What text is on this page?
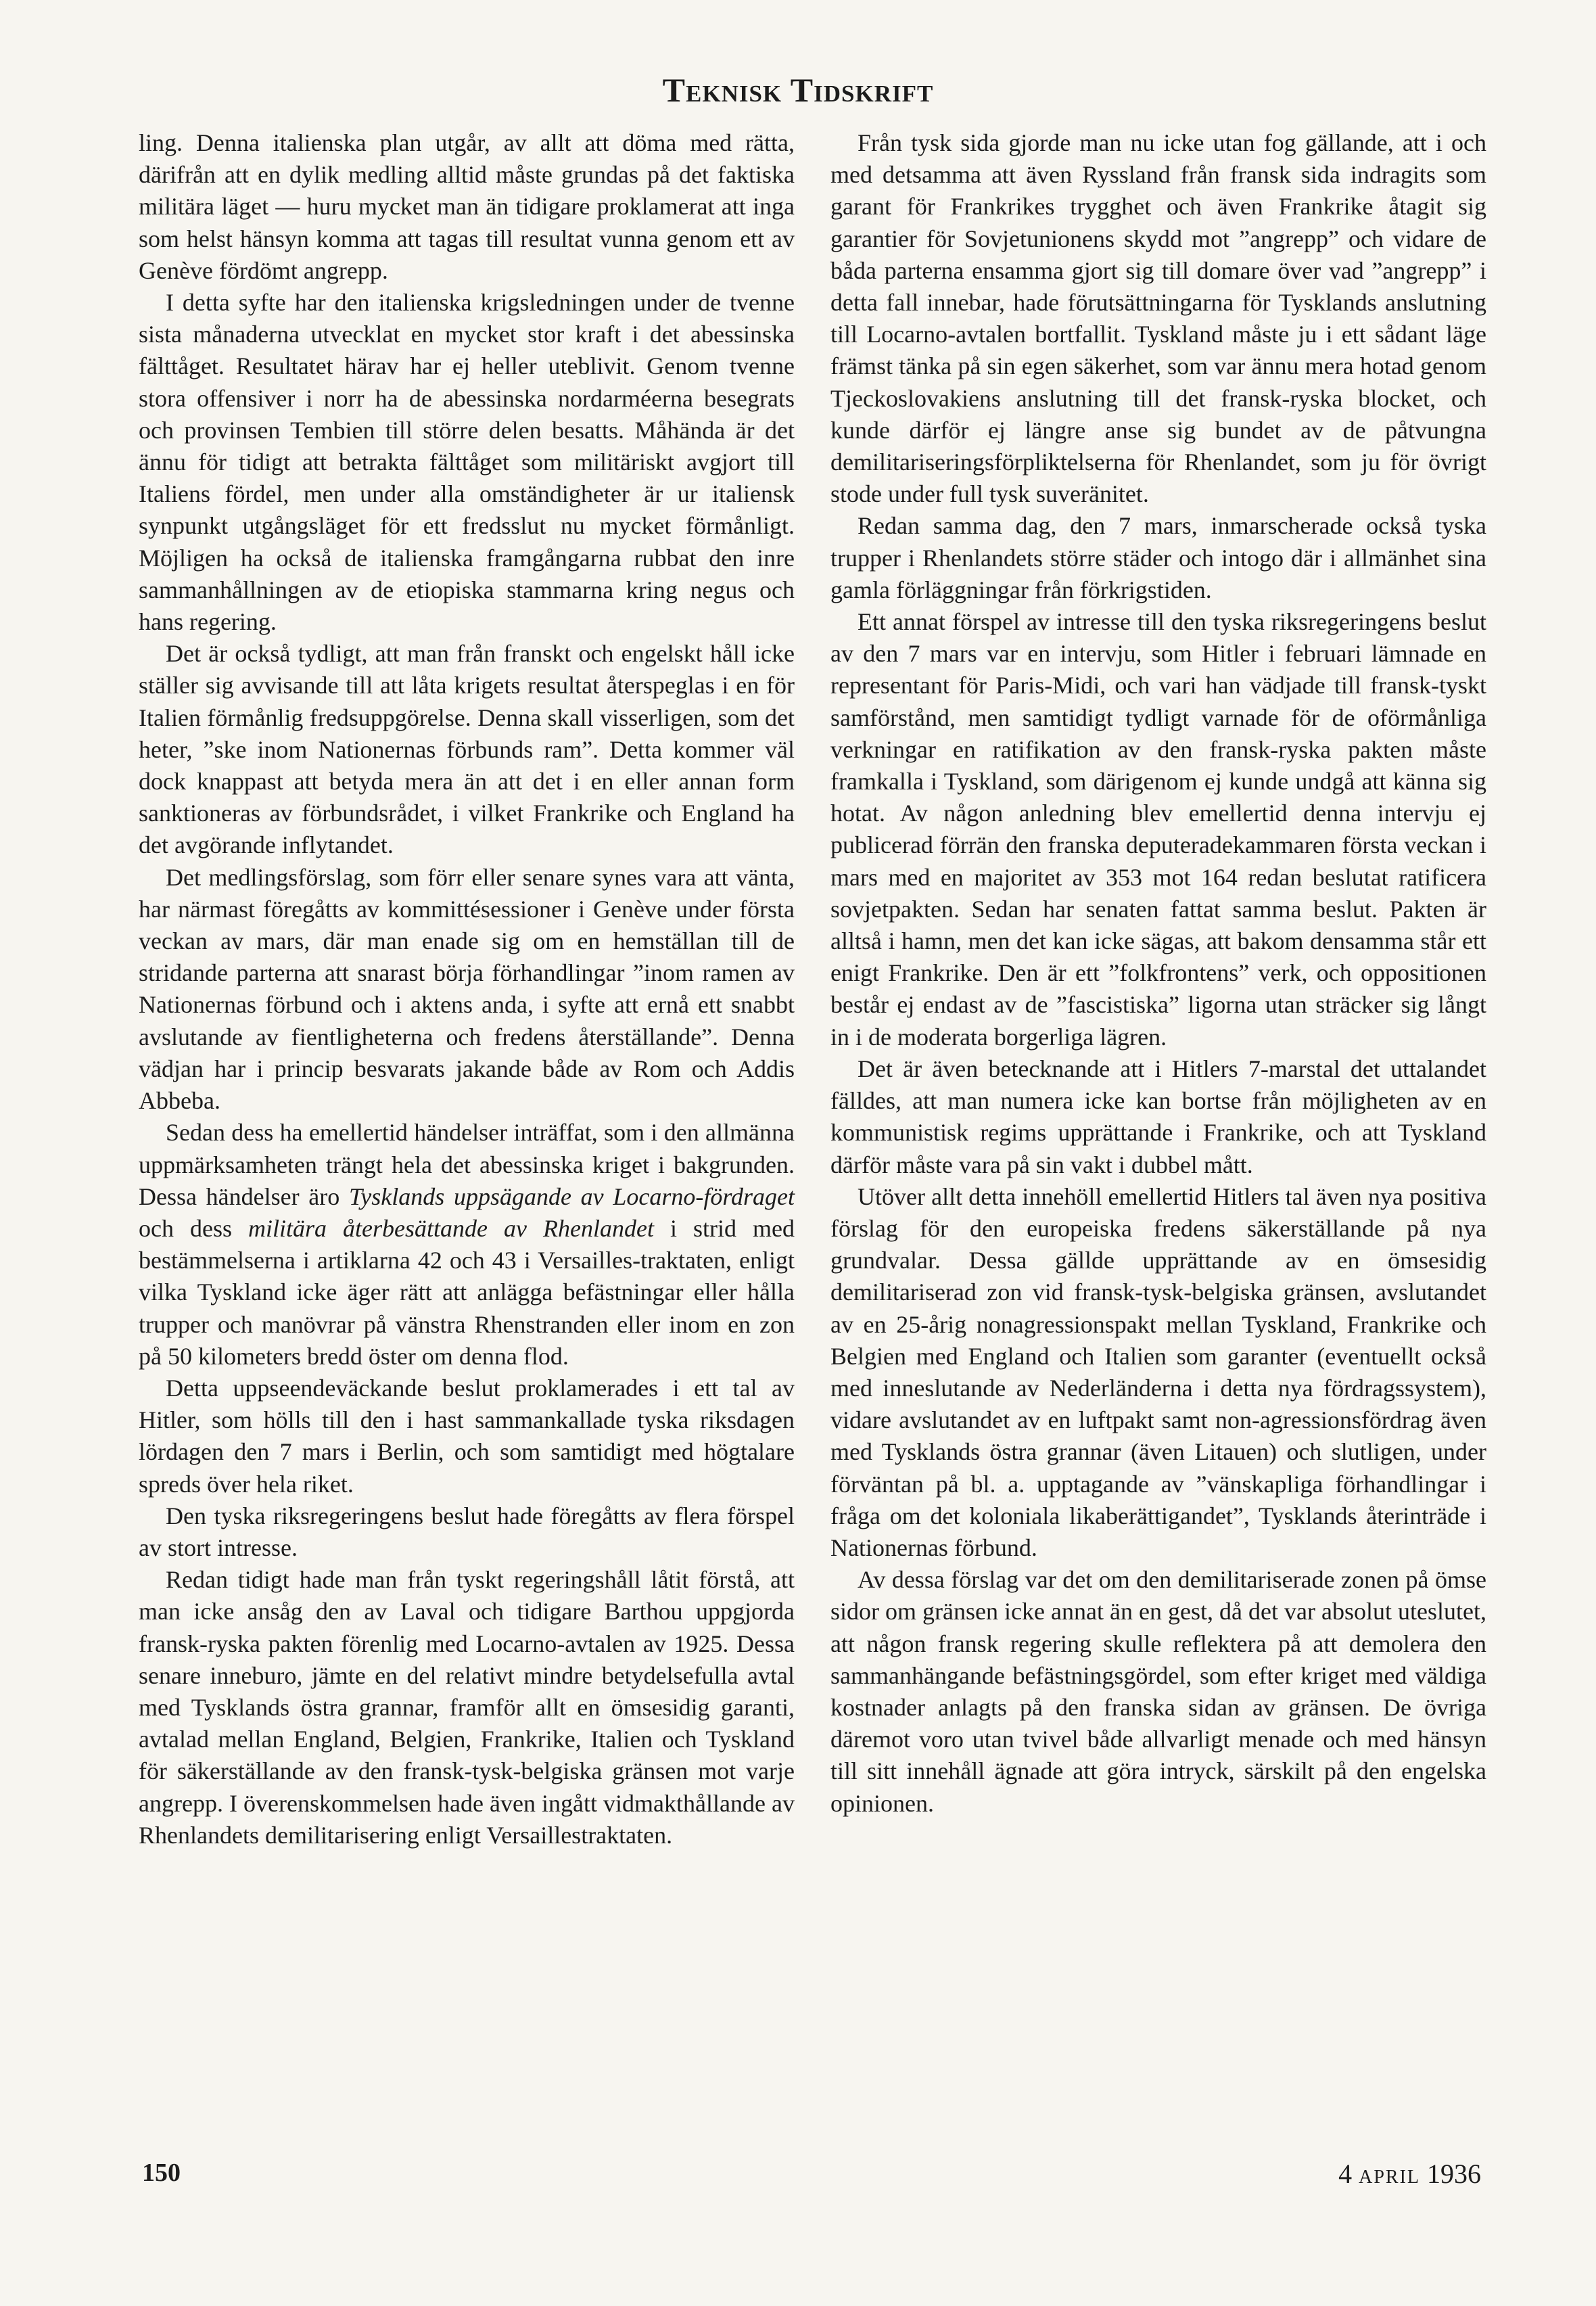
Teknisk Tidskrift

ling. Denna italienska plan utgår, av allt att döma med rätta, därifrån att en dylik medling alltid måste grundas på det faktiska militära läget — huru mycket man än tidigare proklamerat att inga som helst hänsyn komma att tagas till resultat vunna genom ett av Genève fördömt angrepp.

I detta syfte har den italienska krigsledningen under de tvenne sista månaderna utvecklat en mycket stor kraft i det abessinska fälttåget. Resultatet härav har ej heller uteblivit. Genom tvenne stora offensiver i norr ha de abessinska nordarméerna besegrats och provinsen Tembien till större delen besatts. Måhända är det ännu för tidigt att betrakta fälttåget som militäriskt avgjort till Italiens fördel, men under alla omständigheter är ur italiensk synpunkt utgångsläget för ett fredsslut nu mycket förmånligt. Möjligen ha också de italienska framgångarna rubbat den inre sammanhållningen av de etiopiska stammarna kring negus och hans regering.

Det är också tydligt, att man från franskt och engelskt håll icke ställer sig avvisande till att låta krigets resultat återspeglas i en för Italien förmånlig fredsuppgörelse. Denna skall visserligen, som det heter, ”ske inom Nationernas förbunds ram”. Detta kommer väl dock knappast att betyda mera än att det i en eller annan form sanktioneras av förbundsrådet, i vilket Frankrike och England ha det avgörande inflytandet.

Det medlingsförslag, som förr eller senare synes vara att vänta, har närmast föregåtts av kommittésessioner i Genève under första veckan av mars, där man enade sig om en hemställan till de stridande parterna att snarast börja förhandlingar ”inom ramen av Nationernas förbund och i aktens anda, i syfte att ernå ett snabbt avslutande av fientligheterna och fredens återställande”. Denna vädjan har i princip besvarats jakande både av Rom och Addis Abbeba.

Sedan dess ha emellertid händelser inträffat, som i den allmänna uppmärksamheten trängt hela det abessinska kriget i bakgrunden. Dessa händelser äro Tysklands uppsägande av Locarno-fördraget och dess militära återbesättande av Rhenlandet i strid med bestämmelserna i artiklarna 42 och 43 i Versailles-traktaten, enligt vilka Tyskland icke äger rätt att anlägga befästningar eller hålla trupper och manövrar på vänstra Rhenstranden eller inom en zon på 50 kilometers bredd öster om denna flod.

Detta uppseendeväckande beslut proklamerades i ett tal av Hitler, som hölls till den i hast sammankallade tyska riksdagen lördagen den 7 mars i Berlin, och som samtidigt med högtalare spreds över hela riket.

Den tyska riksregeringens beslut hade föregåtts av flera förspel av stort intresse.

Redan tidigt hade man från tyskt regeringshåll låtit förstå, att man icke ansåg den av Laval och tidigare Barthou uppgjorda fransk-ryska pakten förenlig med Locarno-avtalen av 1925. Dessa senare inneburo, jämte en del relativt mindre betydelsefulla avtal med Tysklands östra grannar, framför allt en ömsesidig garanti, avtalad mellan England, Belgien, Frankrike, Italien och Tyskland för säkerställande av den fransk-tysk-belgiska gränsen mot varje angrepp. I överenskommelsen hade även ingått vidmakthållande av Rhenlandets demilitarisering enligt Versaillestraktaten.

Från tysk sida gjorde man nu icke utan fog gällande, att i och med detsamma att även Ryssland från fransk sida indragits som garant för Frankrikes trygghet och även Frankrike åtagit sig garantier för Sovjetunionens skydd mot ”angrepp” och vidare de båda parterna ensamma gjort sig till domare över vad ”angrepp” i detta fall innebar, hade förutsättningarna för Tysklands anslutning till Locarno-avtalen bortfallit. Tyskland måste ju i ett sådant läge främst tänka på sin egen säkerhet, som var ännu mera hotad genom Tjeckoslovakiens anslutning till det fransk-ryska blocket, och kunde därför ej längre anse sig bundet av de påtvungna demilitariseringsförpliktelserna för Rhenlandet, som ju för övrigt stode under full tysk suveränitet.

Redan samma dag, den 7 mars, inmarscherade också tyska trupper i Rhenlandets större städer och intogo där i allmänhet sina gamla förläggningar från förkrigstiden.

Ett annat förspel av intresse till den tyska riksregeringens beslut av den 7 mars var en intervju, som Hitler i februari lämnade en representant för Paris-Midi, och vari han vädjade till fransk-tyskt samförstånd, men samtidigt tydligt varnade för de oförmånliga verkningar en ratifikation av den fransk-ryska pakten måste framkalla i Tyskland, som därigenom ej kunde undgå att känna sig hotat. Av någon anledning blev emellertid denna intervju ej publicerad förrän den franska deputeradekammaren första veckan i mars med en majoritet av 353 mot 164 redan beslutat ratificera sovjetpakten. Sedan har senaten fattat samma beslut. Pakten är alltså i hamn, men det kan icke sägas, att bakom densamma står ett enigt Frankrike. Den är ett ”folkfrontens” verk, och oppositionen består ej endast av de ”fascistiska” ligorna utan sträcker sig långt in i de moderata borgerliga lägren.

Det är även betecknande att i Hitlers 7-marstal det uttalandet fälldes, att man numera icke kan bortse från möjligheten av en kommunistisk regims upprättande i Frankrike, och att Tyskland därför måste vara på sin vakt i dubbel mått.

Utöver allt detta innehöll emellertid Hitlers tal även nya positiva förslag för den europeiska fredens säkerställande på nya grundvalar. Dessa gällde upprättande av en ömsesidig demilitariserad zon vid fransk-tysk-belgiska gränsen, avslutandet av en 25-årig nonagressionspakt mellan Tyskland, Frankrike och Belgien med England och Italien som garanter (eventuellt också med inneslutande av Nederländerna i detta nya fördragssystem), vidare avslutandet av en luftpakt samt non-agressionsfördrag även med Tysklands östra grannar (även Litauen) och slutligen, under förväntan på bl. a. upptagande av ”vänskapliga förhandlingar i fråga om det koloniala likaberättigandet”, Tysklands återinträde i Nationernas förbund.

Av dessa förslag var det om den demilitariserade zonen på ömse sidor om gränsen icke annat än en gest, då det var absolut uteslutet, att någon fransk regering skulle reflektera på att demolera den sammanhängande befästningsgördel, som efter kriget med väldiga kostnader anlagts på den franska sidan av gränsen. De övriga däremot voro utan tvivel både allvarligt menade och med hänsyn till sitt innehåll ägnade att göra intryck, särskilt på den engelska opinionen.

150	4 april 1936
